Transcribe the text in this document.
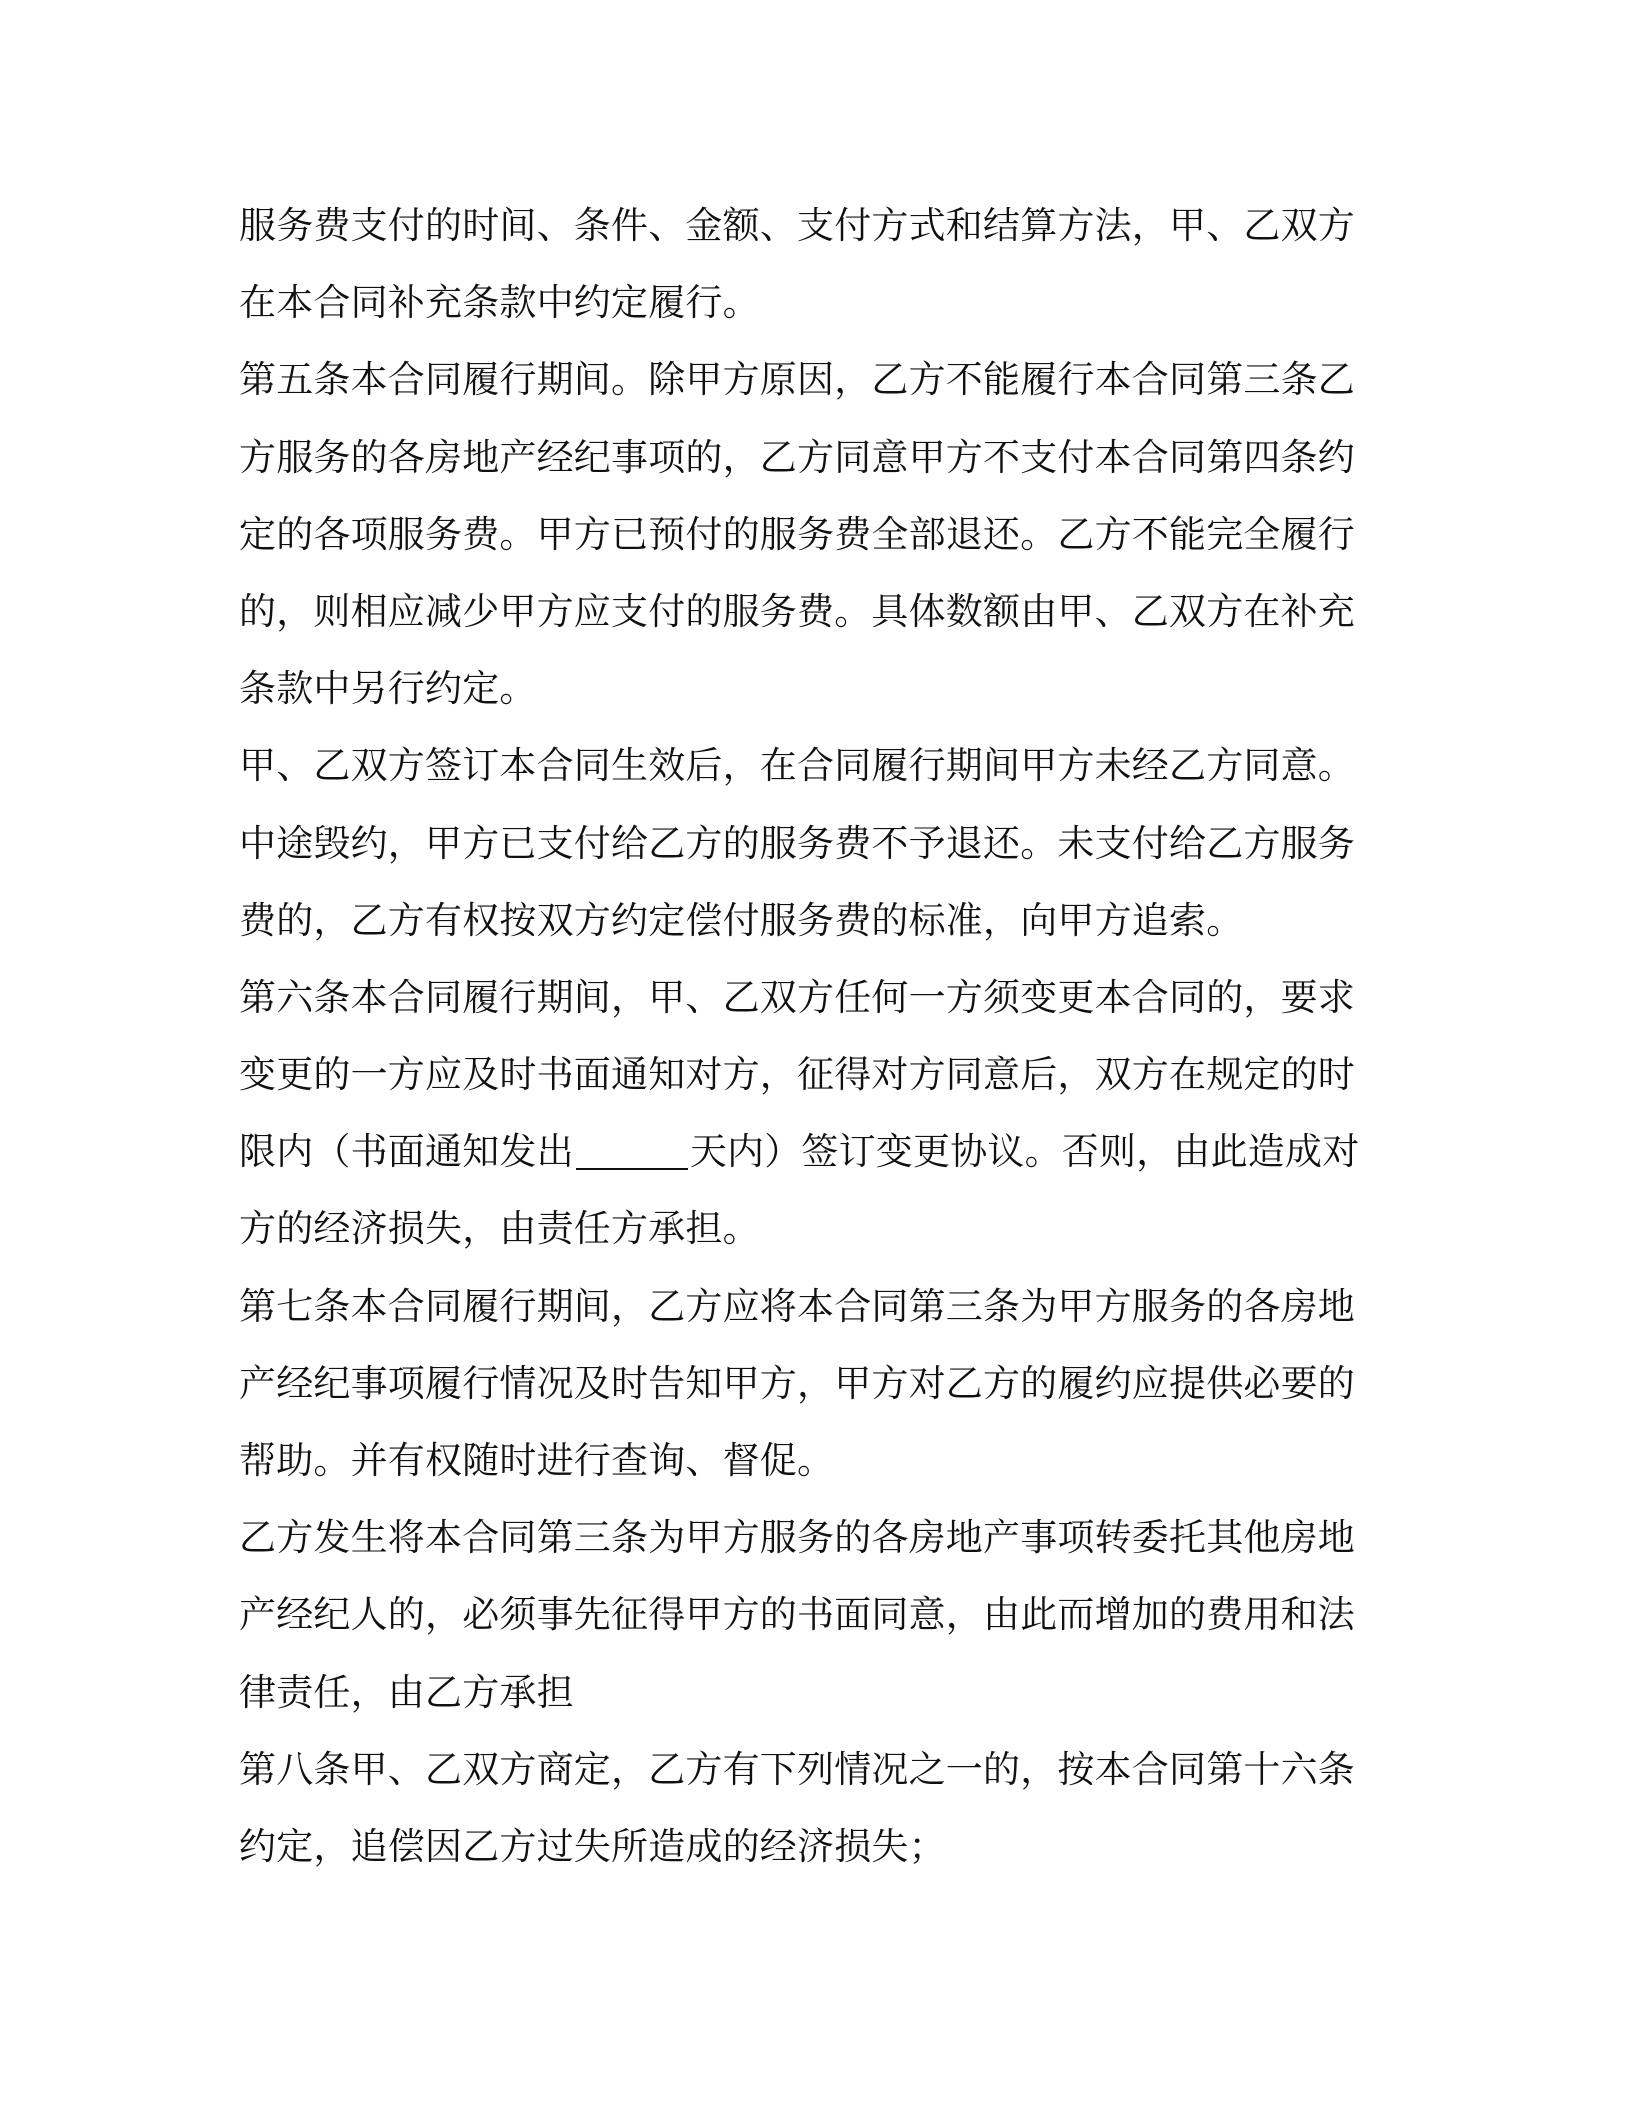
服务费支付的时间、条件、金额、支付方式和结算方法，甲、乙双方
在本合同补充条款中约定履行。
第五条本合同履行期间。除甲方原因，乙方不能履行本合同第三条乙
方服务的各房地产经纪事项的，乙方同意甲方不支付本合同第四条约
定的各项服务费。甲方已预付的服务费全部退还。乙方不能完全履行
的，则相应减少甲方应支付的服务费。具体数额由甲、乙双方在补充
条款中另行约定。
甲、乙双方签订本合同生效后，在合同履行期间甲方未经乙方同意。
中途毁约，甲方已支付给乙方的服务费不予退还。未支付给乙方服务
费的，乙方有权按双方约定偿付服务费的标准，向甲方追索。
第六条本合同履行期间，甲、乙双方任何一方须变更本合同的，要求
变更的一方应及时书面通知对方，征得对方同意后，双方在规定的时
限内（书面通知发出	天内）签订变更协议。否则，由此造成对
方的经济损失，由责任方承担。
第七条本合同履行期间，乙方应将本合同第三条为甲方服务的各房地
产经纪事项履行情况及时告知甲方，甲方对乙方的履约应提供必要的
帮助。并有权随时进行查询、督促。
乙方发生将本合同第三条为甲方服务的各房地产事项转委托其他房地
产经纪人的，必须事先征得甲方的书面同意，由此而增加的费用和法
律责任，由乙方承担
第八条甲、乙双方商定，乙方有下列情况之一的，按本合同第十六条
约定，追偿因乙方过失所造成的经济损失；
